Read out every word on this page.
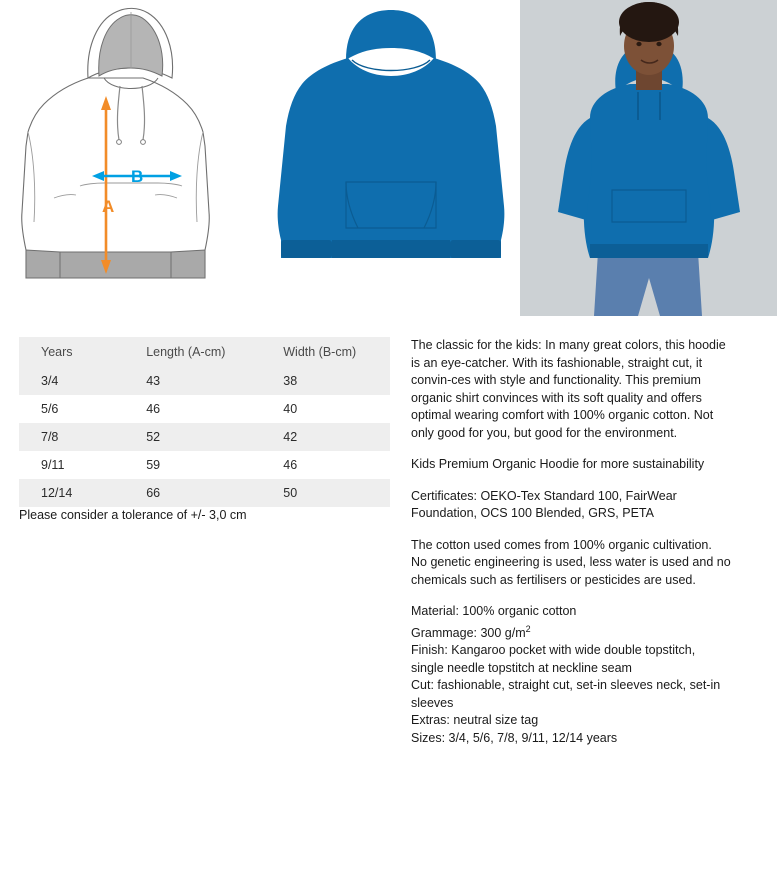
A
B
Years	Length (A-cm)	Width (B-cm)
3/4	43	38
5/6	46	40
7/8	52	42
9/11	59	46
12/14	66	50
Please consider a tolerance of +/- 3,0 cm

The classic for the kids: In many great colors, this hoodie is an eye-catcher. With its fashionable, straight cut, it convin-ces with style and functionality. This premium organic shirt convinces with its soft quality and offers optimal wearing comfort with 100% organic cotton. Not only good for you, but good for the environment.

Kids Premium Organic Hoodie for more sustainability

Certificates: OEKO-Tex Standard 100, FairWear Foundation, OCS 100 Blended, GRS, PETA

The cotton used comes from 100% organic cultivation. No genetic engineering is used, less water is used and no chemicals such as fertilisers or pesticides are used.

Material: 100% organic cotton

Grammage: 300 $g/m^2$

Finish: Kangaroo pocket with wide double topstitch, single needle topstitch at neckline seam

Cut: fashionable, straight cut, set-in sleeves neck, set-in sleeves

Extras: neutral size tag

Sizes: 3/4, 5/6, 7/8, 9/11, 12/14 years
